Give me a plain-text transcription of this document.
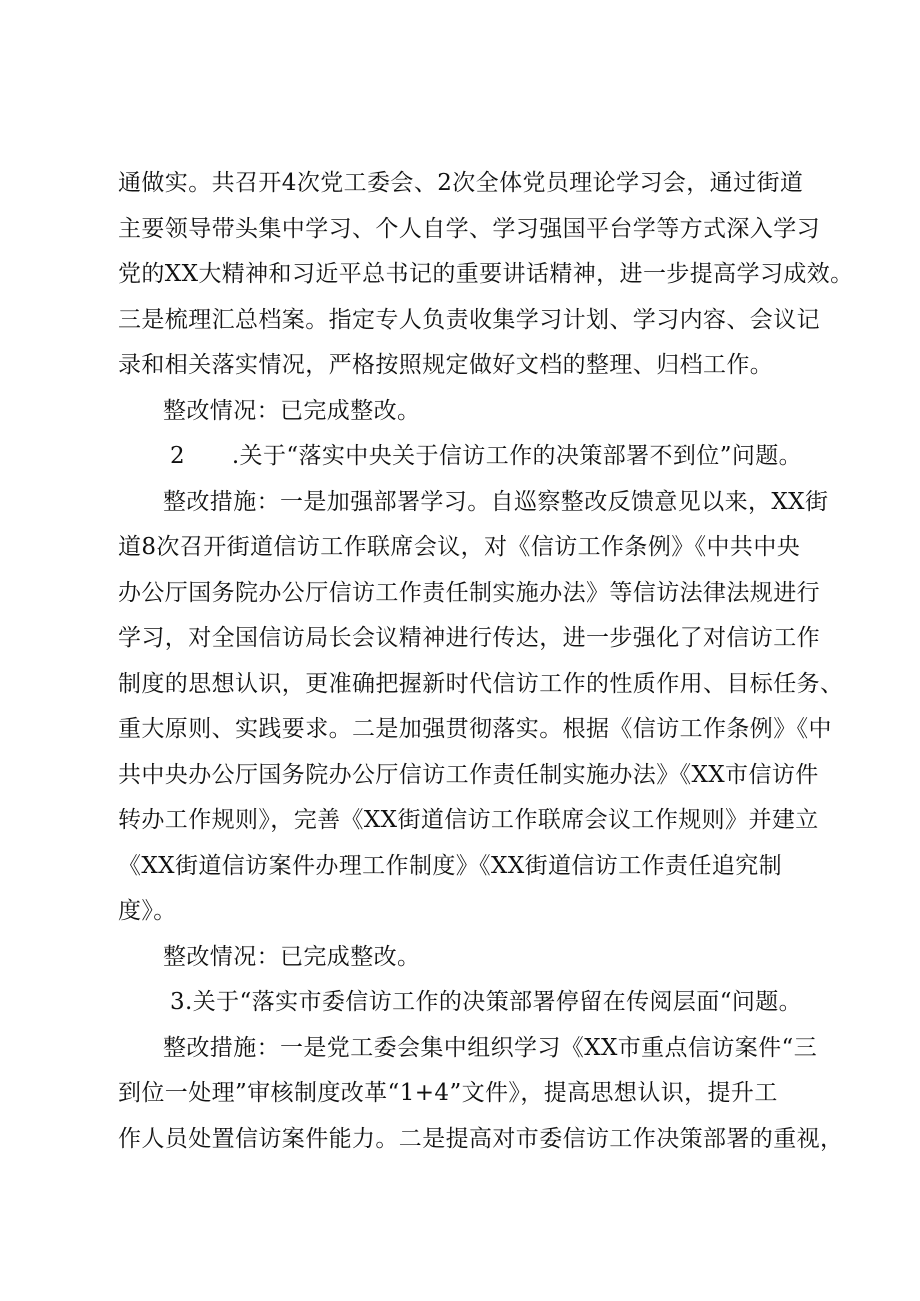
通做实。共召开4次党工委会、2次全体党员理论学习会，通过街道
主要领导带头集中学习、个人自学、学习强国平台学等方式深入学习
党的XX大精神和习近平总书记的重要讲话精神，进一步提高学习成效。
三是梳理汇总档案。指定专人负责收集学习计划、学习内容、会议记
录和相关落实情况，严格按照规定做好文档的整理、归档工作。
整改情况：已完成整改。
2　　.关于“落实中央关于信访工作的决策部署不到位”问题。
整改措施：一是加强部署学习。自巡察整改反馈意见以来，XX街
道8次召开街道信访工作联席会议，对《信访工作条例》《中共中央
办公厅国务院办公厅信访工作责任制实施办法》等信访法律法规进行
学习，对全国信访局长会议精神进行传达，进一步强化了对信访工作
制度的思想认识，更准确把握新时代信访工作的性质作用、目标任务、
重大原则、实践要求。二是加强贯彻落实。根据《信访工作条例》《中
共中央办公厅国务院办公厅信访工作责任制实施办法》《XX市信访件
转办工作规则》，完善《XX街道信访工作联席会议工作规则》并建立
《XX街道信访案件办理工作制度》《XX街道信访工作责任追究制
度》。
整改情况：已完成整改。
3.关于“落实市委信访工作的决策部署停留在传阅层面“问题。
整改措施：一是党工委会集中组织学习《XX市重点信访案件“三
到位一处理”审核制度改革“1+4”文件》，提高思想认识，提升工
作人员处置信访案件能力。二是提高对市委信访工作决策部署的重视，
